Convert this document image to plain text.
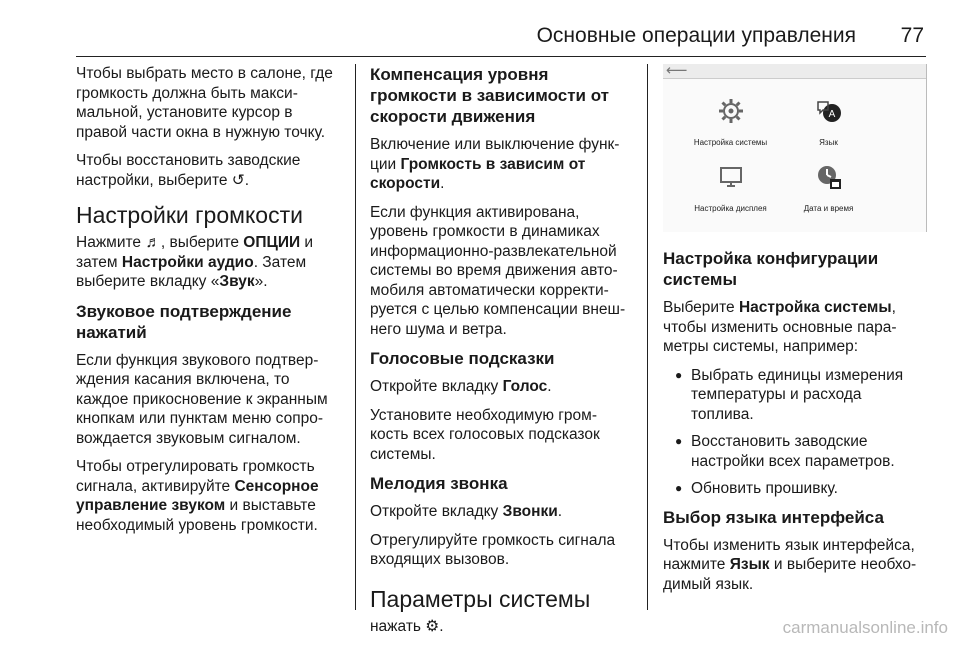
Основные операции управления 77

Чтобы выбрать место в салоне, где громкость должна быть макси-мальной, установите курсор в правой части окна в нужную точку.

Чтобы восстановить заводские настройки, выберите ↺.

Настройки громкости

Нажмите ♬, выберите ОПЦИИ и затем Настройки аудио. Затем выберите вкладку «Звук».

Звуковое подтверждение нажатий

Если функция звукового подтвер-ждения касания включена, то каждое прикосновение к экранным кнопкам или пунктам меню сопро-вождается звуковым сигналом.

Чтобы отрегулировать громкость сигнала, активируйте Сенсорное управление звуком и выставьте необходимый уровень громкости.

Компенсация уровня громкости в зависимости от скорости движения

Включение или выключение функ-ции Громкость в зависим от скорости.

Если функция активирована, уровень громкости в динамиках информационно-развлекательной системы во время движения авто-мобиля автоматически корректи-руется с целью компенсации внеш-него шума и ветра.

Голосовые подсказки

Откройте вкладку Голос.

Установите необходимую гром-кость всех голосовых подсказок системы.

Мелодия звонка

Откройте вкладку Звонки.

Отрегулируйте громкость сигнала входящих вызовов.

Параметры системы

нажать ⚙.

⟵
Настройка системы
A
Язык
Настройка дисплея	Дата и время
Настройка конфигурации системы

Выберите Настройка системы, чтобы изменить основные пара-метры системы, например:

● Выбрать единицы измерения температуры и расхода топлива.
● Восстановить заводские настройки всех параметров.
● Обновить прошивку.
Выбор языка интерфейса

Чтобы изменить язык интерфейса, нажмите Язык и выберите необхо-димый язык.

carmanualsonline.info
